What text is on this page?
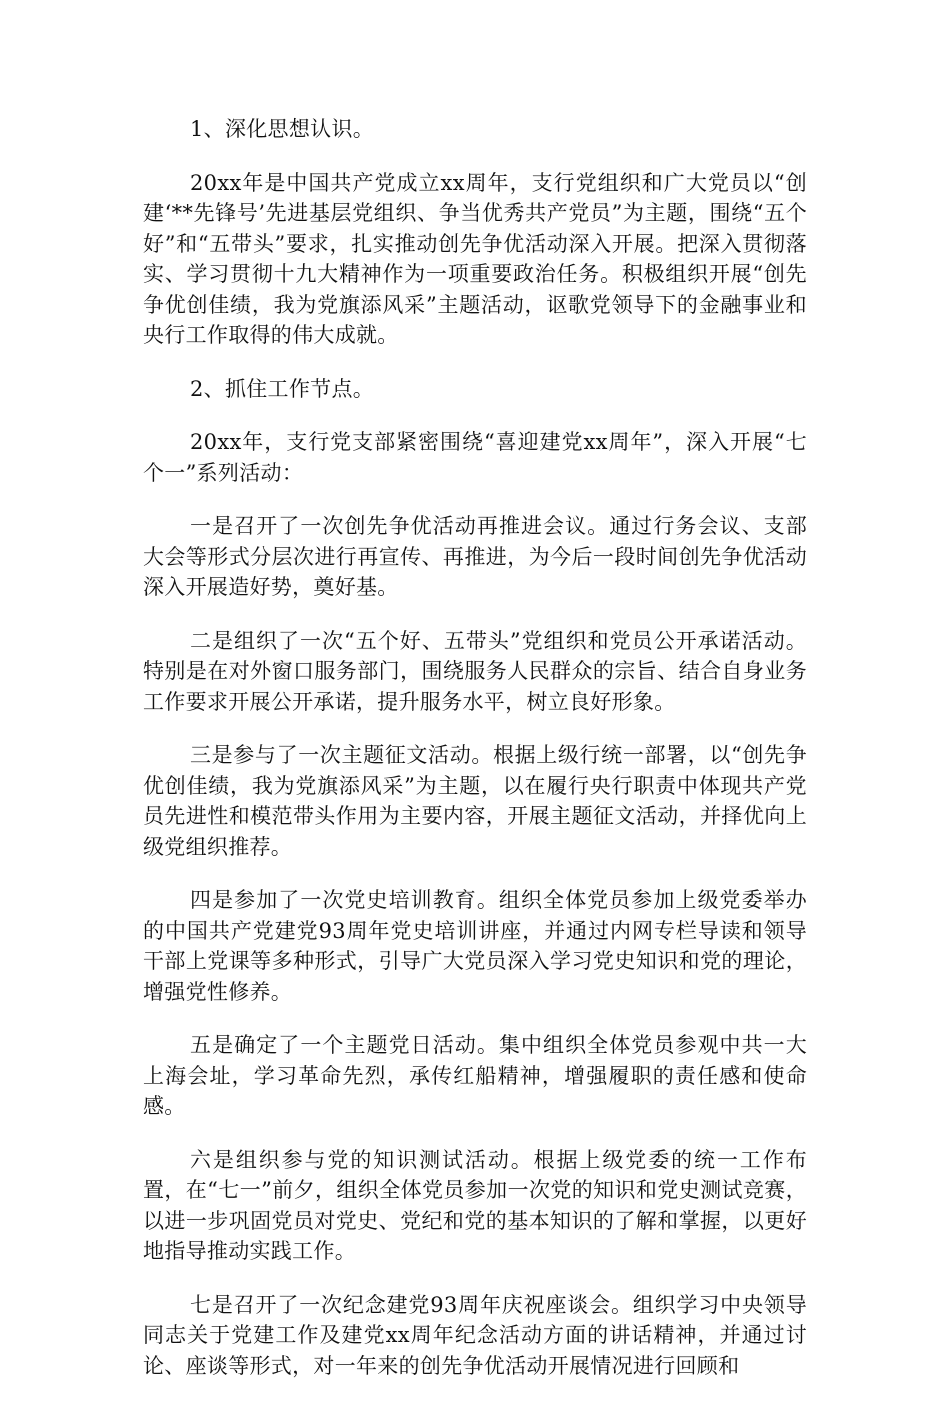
1、深化思想认识。

20xx年是中国共产党成立xx周年，支行党组织和广大党员以“创建‘**先锋号’先进基层党组织、争当优秀共产党员”为主题，围绕“五个好”和“五带头”要求，扎实推动创先争优活动深入开展。把深入贯彻落实、学习贯彻十九大精神作为一项重要政治任务。积极组织开展“创先争优创佳绩，我为党旗添风采”主题活动，讴歌党领导下的金融事业和央行工作取得的伟大成就。

2、抓住工作节点。

20xx年，支行党支部紧密围绕“喜迎建党xx周年”，深入开展“七个一”系列活动：

一是召开了一次创先争优活动再推进会议。通过行务会议、支部大会等形式分层次进行再宣传、再推进，为今后一段时间创先争优活动深入开展造好势，奠好基。

二是组织了一次“五个好、五带头”党组织和党员公开承诺活动。特别是在对外窗口服务部门，围绕服务人民群众的宗旨、结合自身业务工作要求开展公开承诺，提升服务水平，树立良好形象。

三是参与了一次主题征文活动。根据上级行统一部署，以“创先争优创佳绩，我为党旗添风采”为主题，以在履行央行职责中体现共产党员先进性和模范带头作用为主要内容，开展主题征文活动，并择优向上级党组织推荐。

四是参加了一次党史培训教育。组织全体党员参加上级党委举办的中国共产党建党93周年党史培训讲座，并通过内网专栏导读和领导干部上党课等多种形式，引导广大党员深入学习党史知识和党的理论，增强党性修养。

五是确定了一个主题党日活动。集中组织全体党员参观中共一大上海会址，学习革命先烈，承传红船精神，增强履职的责任感和使命感。

六是组织参与党的知识测试活动。根据上级党委的统一工作布置，在“七一”前夕，组织全体党员参加一次党的知识和党史测试竞赛，以进一步巩固党员对党史、党纪和党的基本知识的了解和掌握，以更好地指导推动实践工作。

七是召开了一次纪念建党93周年庆祝座谈会。组织学习中央领导同志关于党建工作及建党xx周年纪念活动方面的讲话精神，并通过讨论、座谈等形式，对一年来的创先争优活动开展情况进行回顾和
